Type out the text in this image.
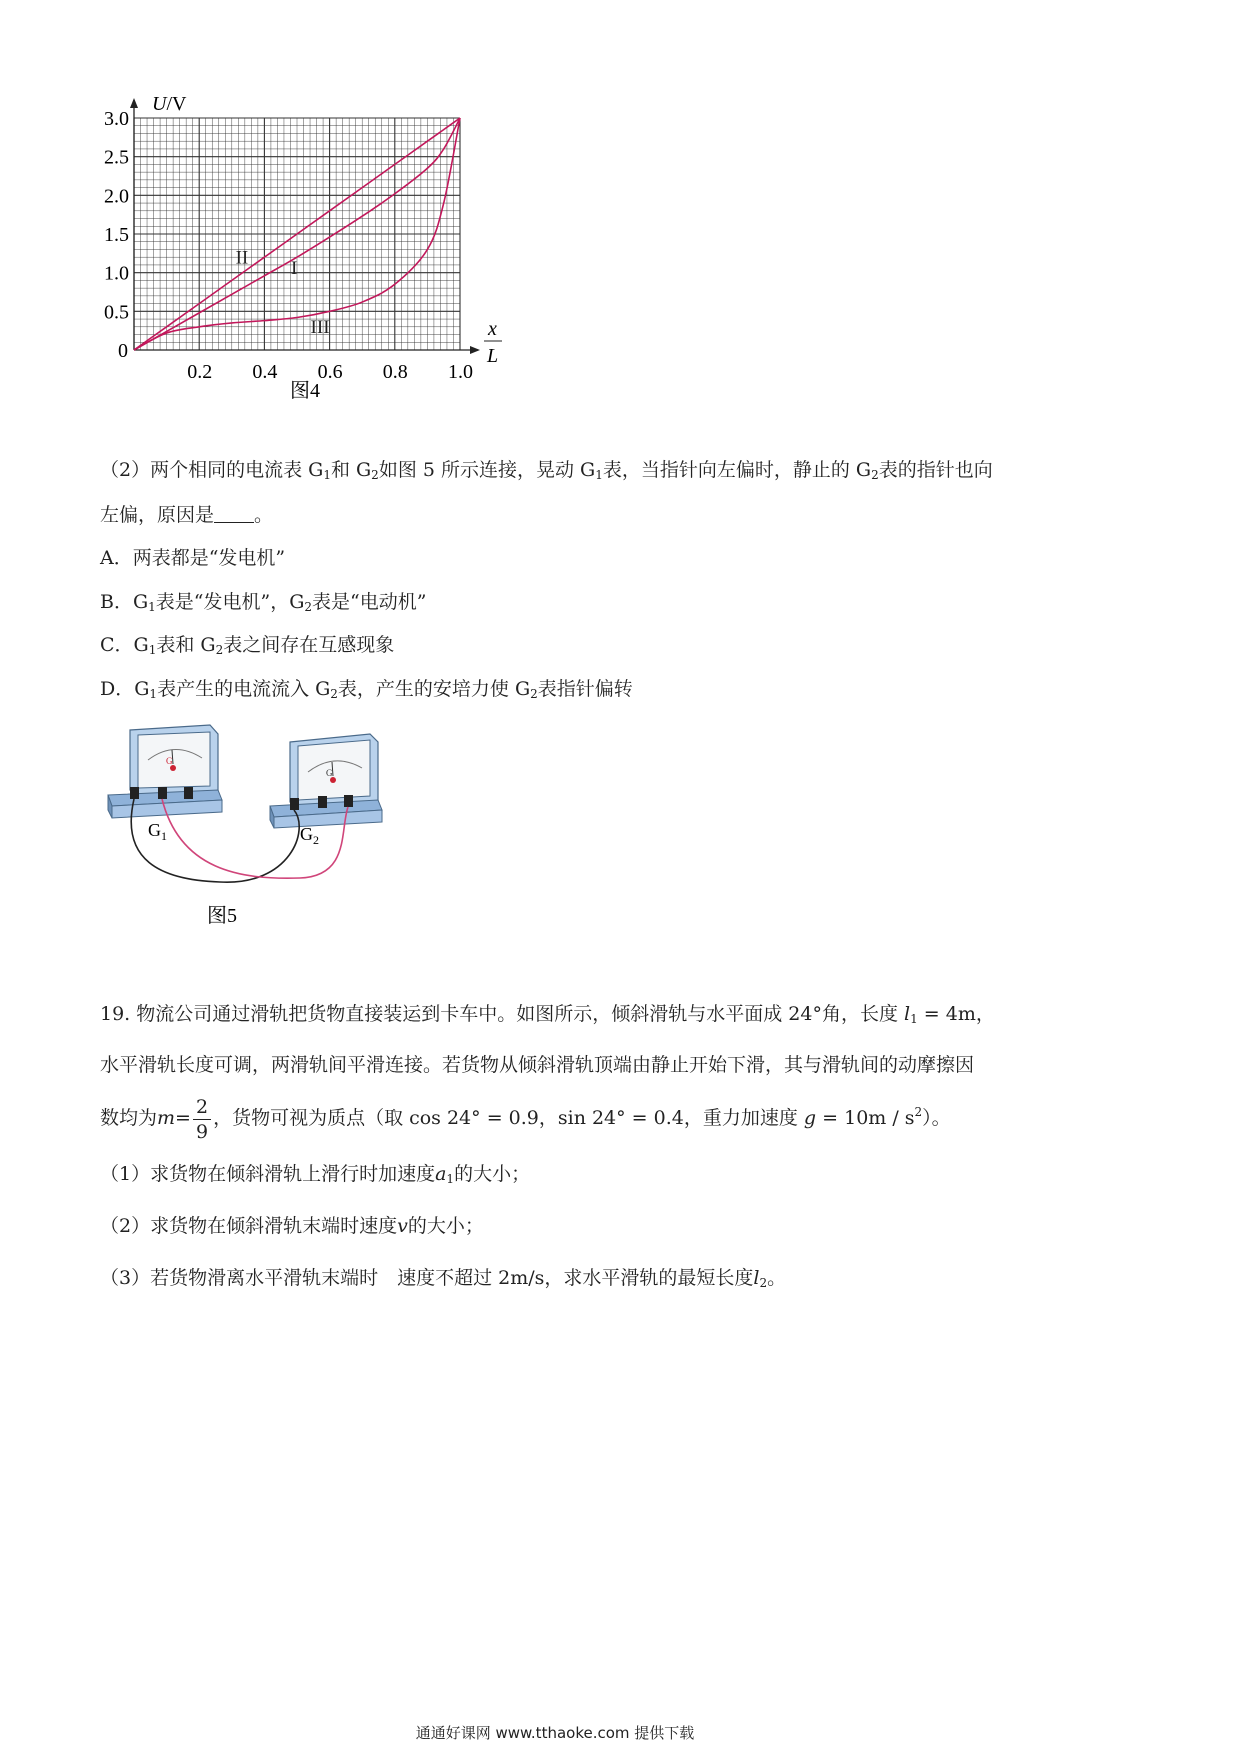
I
II
III
0.2 0.4 0.6 0.8 1.0
0.5
1.0
1.5
2.0
2.5
3.0
U/V
0
x
L
图4
（2）两个相同的电流表 $G_1$和 $G_2$如图 5 所示连接，晃动 $G_1$表，当指针向左偏时，静止的 $G_2$表的指针也向
左偏，原因是 。
A．两表都是“发电机”
B．$G_1$表是“发电机”，$G_2$表是“电动机”
C．$G_1$表和 $G_2$表之间存在互感现象
D．$G_1$表产生的电流流入 $G_2$表，产生的安培力使 $G_2$表指针偏转
G
G
$G_1$	$G_2$
图5
19. 物流公司通过滑轨把货物直接装运到卡车中。如图所示，倾斜滑轨与水平面成 24°角，长度 $l_1 = 4m$，
水平滑轨长度可调，两滑轨间平滑连接。若货物从倾斜滑轨顶端由静止开始下滑，其与滑轨间的动摩擦因
数均为$m= \frac{2}{9}$ ，货物可视为质点（取 cos 24° = 0.9，sin 24° = 0.4，重力加速度 $g = 10m / s^2$）。
（1）求货物在倾斜滑轨上滑行时加速度$a_1$的大小；
（2）求货物在倾斜滑轨末端时速度v的大小；
（3）若货物滑离水平滑轨末端时　速度不超过 2m/s，求水平滑轨的最短长度$l_2$。
通通好课网 www.tthaoke.com 提供下载
